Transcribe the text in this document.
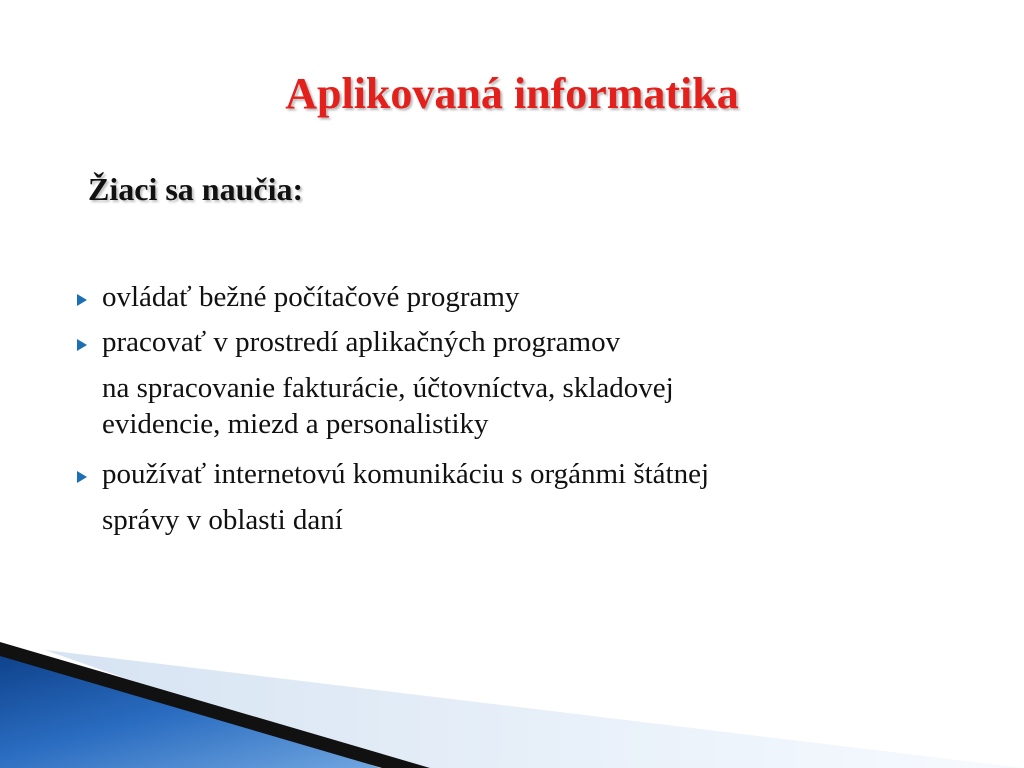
Aplikovaná informatika
Žiaci sa naučia:
ovládať bežné počítačové programy
pracovať v prostredí aplikačných programov
na spracovanie fakturácie, účtovníctva, skladovej
evidencie, miezd a personalistiky
používať internetovú komunikáciu s orgánmi štátnej
správy v oblasti daní
